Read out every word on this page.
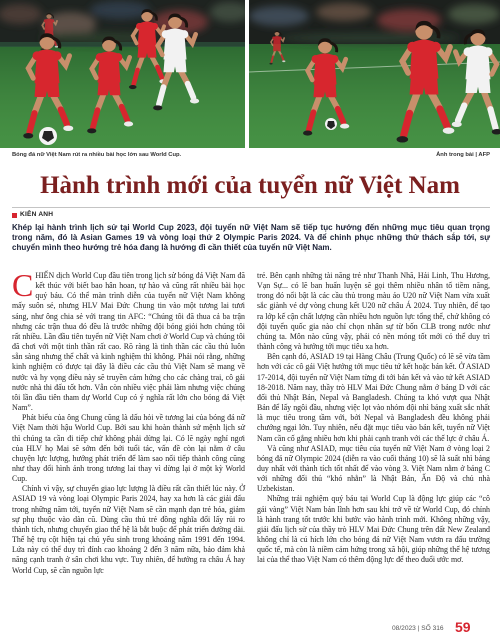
Bóng đá nữ Việt Nam rút ra nhiều bài học lớn sau World Cup.	Ảnh trong bài | AFP
Hành trình mới của tuyển nữ Việt Nam
KIÊN ANH

Khép lại hành trình lịch sử tại World Cup 2023, đội tuyển nữ Việt Nam sẽ tiếp tục hướng đến những mục tiêu quan trọng trong năm, đó là Asian Games 19 và vòng loại thứ 2 Olympic Paris 2024. Và để chinh phục những thử thách sắp tới, sự chuyển mình theo hướng trẻ hóa đang là hướng đi cần thiết của tuyển nữ Việt Nam.

CHIẾN dịch World Cup đầu tiên trong lịch sử bóng đá Việt Nam đã kết thúc với biết bao hân hoan, tự hào và cũng rất nhiều bài học quý báu. Có thể màn trình diễn của tuyển nữ Việt Nam không mấy suôn sẻ, nhưng HLV Mai Đức Chung tin vào một tương lai tươi sáng, như ông chia sẻ với trang tin AFC: “Chúng tôi đã thua cả ba trận nhưng các trận thua đó đều là trước những đội bóng giỏi hơn chúng tôi rất nhiều. Lần đầu tiên tuyển nữ Việt Nam chơi ở World Cup và chúng tôi đã chơi với một tinh thần rất cao. Rõ ràng là tinh thần các cầu thủ luôn sẵn sàng nhưng thể chất và kinh nghiệm thì không. Phải nói rằng, những kinh nghiệm có được tại đây là điều các cầu thủ Việt Nam sẽ mang về nước và hy vọng điều này sẽ truyền cảm hứng cho các chàng trai, cô gái nước nhà thi đấu tốt hơn. Vẫn còn nhiều việc phải làm nhưng việc chúng tôi lần đầu tiên tham dự World Cup có ý nghĩa rất lớn cho bóng đá Việt Nam”.

Phát biểu của ông Chung cũng là dấu hỏi về tương lai của bóng đá nữ Việt Nam thời hậu World Cup. Bởi sau khi hoàn thành sứ mệnh lịch sử thì chúng ta cần đi tiếp chứ không phải dừng lại. Có lẽ ngày nghỉ ngơi của HLV họ Mai sẽ sớm đến bởi tuổi tác, vấn đề còn lại nằm ở câu chuyện lực lượng, hướng phát triển để làm sao nối tiếp thành công cũng như thay đổi hình ảnh trong tương lai thay vì dừng lại ở một kỳ World Cup.

Chính vì vậy, sự chuyển giao lực lượng là điều rất cần thiết lúc này. Ở ASIAD 19 và vòng loại Olympic Paris 2024, hay xa hơn là các giải đấu trong những năm tới, tuyển nữ Việt Nam sẽ cần mạnh dạn trẻ hóa, giảm sự phụ thuộc vào dàn cũ. Dùng cầu thủ trẻ đồng nghĩa đổi lấy rủi ro thành tích, nhưng chuyển giao thế hệ là bắt buộc để phát triển đường dài. Thế hệ trụ cột hiện tại chủ yếu sinh trong khoảng năm 1991 đến 1994. Lứa này có thể duy trì đỉnh cao khoảng 2 đến 3 năm nữa, bảo đảm khả năng cạnh tranh ở sân chơi khu vực. Tuy nhiên, để hướng ra châu Á hay World Cup, sẽ cần nguồn lực

trẻ. Bên cạnh những tài năng trẻ như Thanh Nhã, Hải Linh, Thu Hương, Vạn Sự... có lẽ ban huấn luyện sẽ gọi thêm nhiều nhân tố tiềm năng, trong đó nổi bật là các cầu thủ trong màu áo U20 nữ Việt Nam vừa xuất sắc giành vé dự vòng chung kết U20 nữ châu Á 2024. Tuy nhiên, để tạo ra lớp kế cận chất lượng cần nhiều hơn nguồn lực tổng thể, chứ không có đội tuyển quốc gia nào chỉ chọn nhân sự từ bốn CLB trong nước như chúng ta. Môn nào cũng vậy, phải có nền móng tốt mới có thể duy trì thành công và hướng tới mục tiêu xa hơn.

Bên cạnh đó, ASIAD 19 tại Hàng Châu (Trung Quốc) có lẽ sẽ vừa tầm hơn với các cô gái Việt hướng tới mục tiêu tứ kết hoặc bán kết. Ở ASIAD 17-2014, đội tuyển nữ Việt Nam từng đi tới bán kết và vào tứ kết ASIAD 18-2018. Năm nay, thầy trò HLV Mai Đức Chung nằm ở bảng D với các đối thủ Nhật Bản, Nepal và Bangladesh. Chúng ta khó vượt qua Nhật Bản để lấy ngôi đầu, nhưng việc lọt vào nhóm đội nhì bảng xuất sắc nhất là mục tiêu trong tầm với, bởi Nepal và Bangladesh đều không phải chướng ngại lớn. Tuy nhiên, nếu đặt mục tiêu vào bán kết, tuyển nữ Việt Nam cần cố gắng nhiều hơn khi phải cạnh tranh với các thế lực ở châu Á.

Và cũng như ASIAD, mục tiêu của tuyển nữ Việt Nam ở vòng loại 2 bóng đá nữ Olympic 2024 (diễn ra vào cuối tháng 10) sẽ là suất nhì bảng duy nhất với thành tích tốt nhất để vào vòng 3. Việt Nam nằm ở bảng C với những đối thủ “khó nhằn” là Nhật Bản, Ấn Độ và chủ nhà Uzbekistan.

Những trải nghiệm quý báu tại World Cup là động lực giúp các “cô gái vàng” Việt Nam bản lĩnh hơn sau khi trở về từ World Cup, đó chính là hành trang tốt trước khi bước vào hành trình mới. Không những vậy, giải đấu lịch sử của thầy trò HLV Mai Đức Chung trên đất New Zealand không chỉ là cú hích lớn cho bóng đá nữ Việt Nam vươn ra đấu trường quốc tế, mà còn là niềm cảm hứng trong xã hội, giúp những thế hệ tương lai của thể thao Việt Nam có thêm động lực để theo đuổi ước mơ.

08/2023 | SỐ 316 59
